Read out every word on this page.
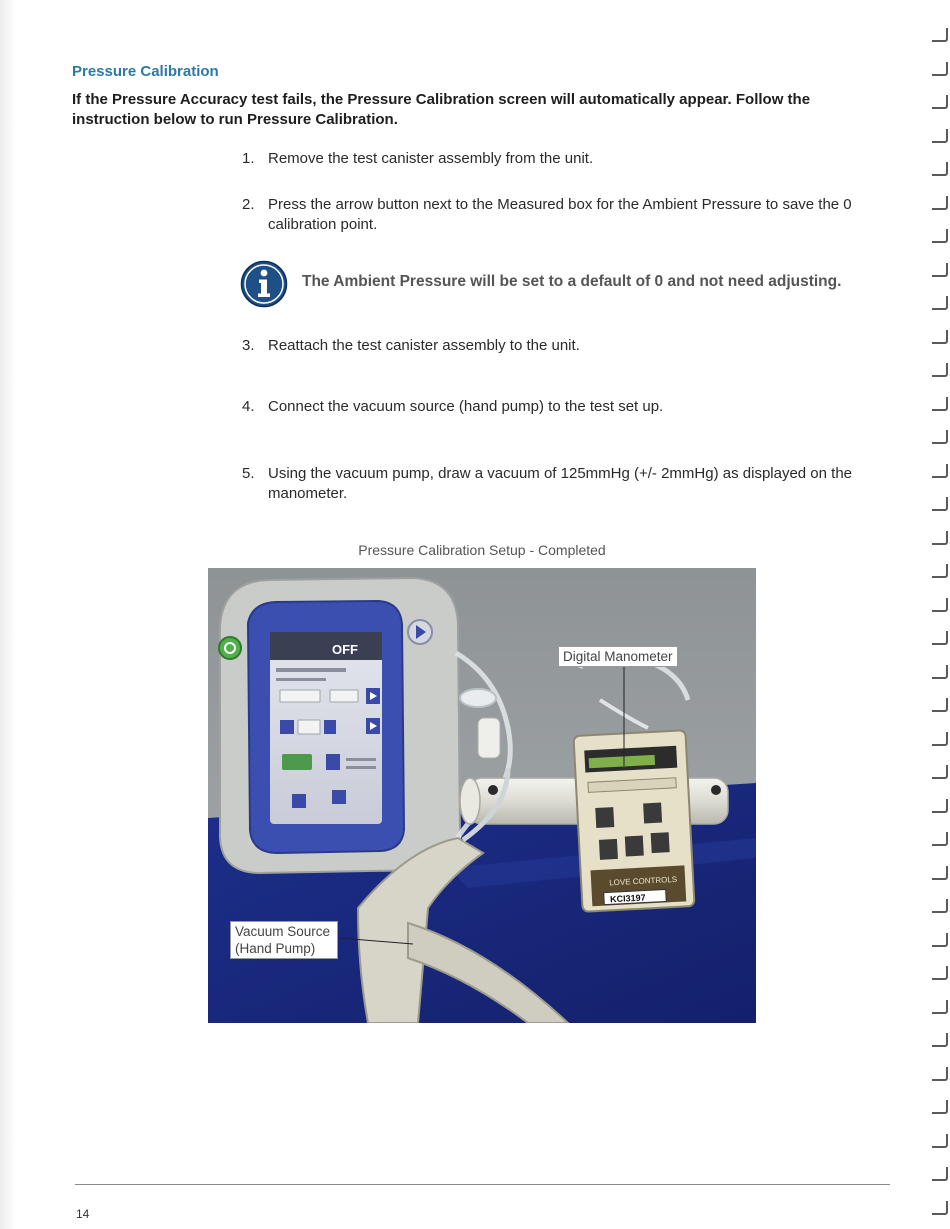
Pressure Calibration

If the Pressure Accuracy test fails, the Pressure Calibration screen will automatically appear. Follow the instruction below to run Pressure Calibration.

1. Remove the test canister assembly from the unit.
2. Press the arrow button next to the Measured box for the Ambient Pressure to save the 0 calibration point.

The Ambient Pressure will be set to a default of 0 and not need adjusting.

3. Reattach the test canister assembly to the unit.
4. Connect the vacuum source (hand pump) to the test set up.
5. Using the vacuum pump, draw a vacuum of 125mmHg (+/- 2mmHg) as displayed on the manometer.

Pressure Calibration Setup - Completed

OFF
LOVE CONTROLS
KCI3197
Digital Manometer
Vacuum Source
(Hand Pump)

14
